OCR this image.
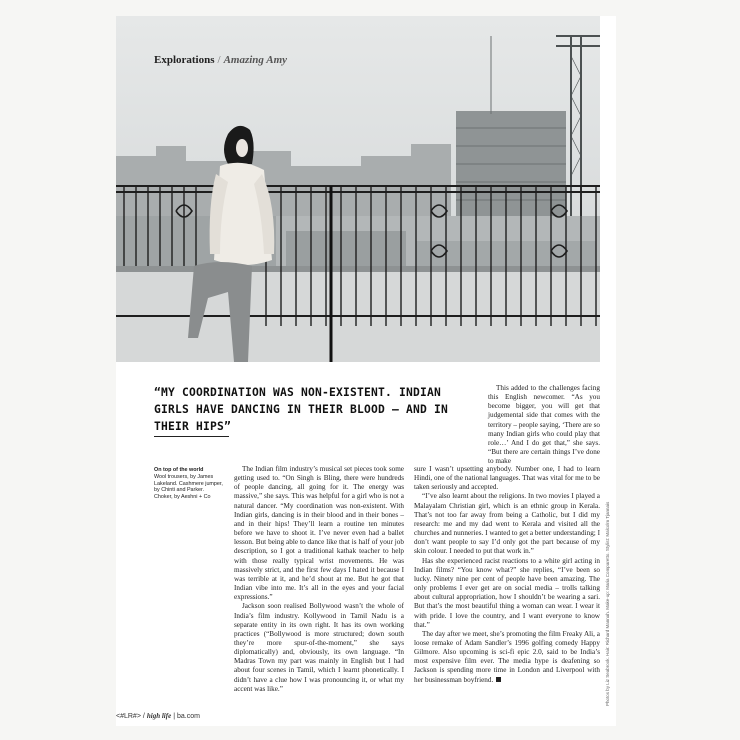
Explorations / Amazing Amy
“MY COORDINATION WAS NON-EXISTENT. INDIAN GIRLS HAVE DANCING IN THEIR BLOOD – AND IN THEIR HIPS”
On top of the world
Wool trousers, by James Lakeland. Cashmere jumper, by Chinti and Parker. Choker, by Aeshni + Co

This added to the challenges facing this English newcomer. “As you become bigger, you will get that judgemental side that comes with the territory – people saying, ‘There are so many Indian girls who could play that role…’ And I do get that,” she says. “But there are certain things I’ve done to make

The Indian film industry’s musical set pieces took some getting used to. “On Singh is Bling, there were hundreds of people dancing, all going for it. The energy was massive,” she says. This was helpful for a girl who is not a natural dancer. “My coordination was non-existent. With Indian girls, dancing is in their blood and in their bones – and in their hips! They’ll learn a routine ten minutes before we have to shoot it. I’ve never even had a ballet lesson. But being able to dance like that is half of your job description, so I got a traditional kathak teacher to help with those really typical wrist movements. He was massively strict, and the first few days I hated it because I was terrible at it, and he’d shout at me. But he got that Indian vibe into me. It’s all in the eyes and your facial expressions.”

Jackson soon realised Bollywood wasn’t the whole of India’s film industry. Kollywood in Tamil Nadu is a separate entity in its own right. It has its own working practices (“Bollywood is more structured; down south they’re more spur-of-the-moment,” she says diplomatically) and, obviously, its own language. “In Madras Town my part was mainly in English but I had about four scenes in Tamil, which I learnt phonetically. I didn’t have a clue how I was pronouncing it, or what my accent was like.”

sure I wasn’t upsetting anybody. Number one, I had to learn Hindi, one of the national languages. That was vital for me to be taken seriously and accepted.

“I’ve also learnt about the religions. In two movies I played a Malayalam Christian girl, which is an ethnic group in Kerala. That’s not too far away from being a Catholic, but I did my research: me and my dad went to Kerala and visited all the churches and nunneries. I wanted to get a better understanding; I don’t want people to say I’d only got the part because of my skin colour. I needed to put that work in.”

Has she experienced racist reactions to a white girl acting in Indian films? “You know what?” she replies, “I’ve been so lucky. Ninety nine per cent of people have been amazing. The only problems I ever get are on social media – trolls talking about cultural appropriation, how I shouldn’t be wearing a sari. But that’s the most beautiful thing a woman can wear. I wear it with pride. I love the country, and I want everyone to know that.”

The day after we meet, she’s promoting the film Freaky Ali, a loose remake of Adam Sandler’s 1996 golfing comedy Happy Gilmore. Also upcoming is sci-fi epic 2.0, said to be India’s most expensive film ever. The media hype is deafening so Jackson is spending more time in London and Liverpool with her businessman boyfriend.	Photos by Liz Seabrook. Hair: Richard Mannah. Make-up: Maria Comparetto. Stylist: Malcolm Tjannais
<#LR#> / high life | ba.com
